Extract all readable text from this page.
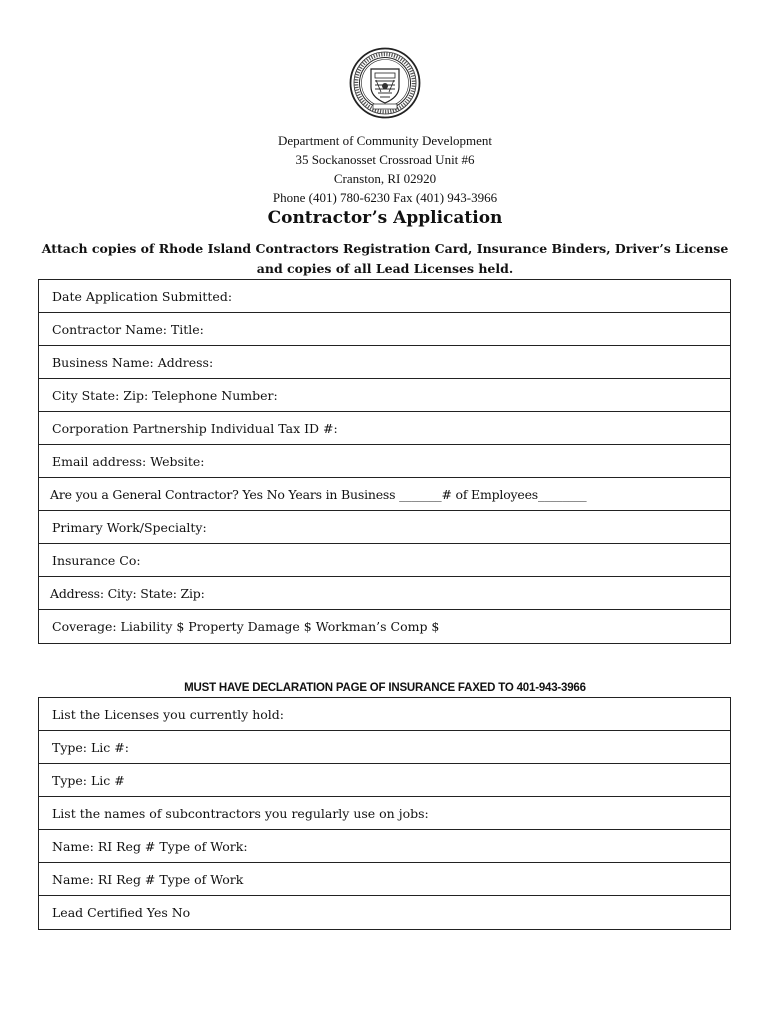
Department of Community Development
35 Sockanosset Crossroad Unit #6
Cranston, RI 02920
Phone (401) 780-6230 Fax (401) 943-3966
Contractor’s Application
Attach copies of Rhode Island Contractors Registration Card, Insurance Binders, Driver’s License and copies of all Lead Licenses held.
Date Application Submitted:
Contractor Name: Title:
Business Name: Address:
City State: Zip: Telephone Number:
Corporation Partnership Individual Tax ID #:
Email address: Website:
Are you a General Contractor? Yes No Years in Business _______# of Employees________
Primary Work/Specialty:
Insurance Co:
Address: City: State: Zip:
Coverage: Liability $ Property Damage $ Workman’s Comp $
MUST HAVE DECLARATION PAGE OF INSURANCE FAXED TO 401-943-3966
List the Licenses you currently hold:
Type: Lic #:
Type: Lic #
List the names of subcontractors you regularly use on jobs:
Name: RI Reg # Type of Work:
Name: RI Reg # Type of Work
Lead Certified Yes No
